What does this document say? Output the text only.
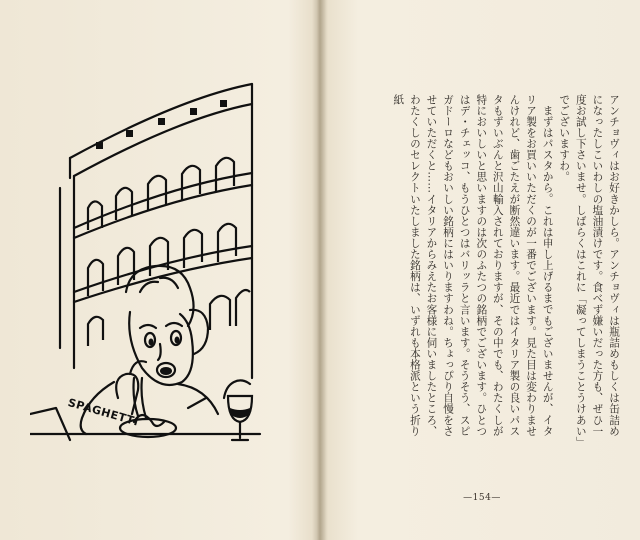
SPAGHETTI	アンチョヴィはお好きかしら。アンチョヴィは瓶詰めもしくは缶詰めになったしこいわしの塩油漬けです。食べず嫌いだった方も、ぜひ一度お試し下さいませ。しばらくはこれに「凝ってしまうことうけあい」でございますわ。

まずはパスタから。これは申し上げるまでもございませんが、イタリア製をお買いいただくのが一番でございます。見た目は変わりませんけれど、歯ごたえが断然違います。最近ではイタリア製の良いパスタもずいぶんと沢山輸入されておりますが、その中でも、わたくしが特においしいと思いますのは次のふたつの銘柄でございます。ひとつはデ・チェッコ、もうひとつはバリッラと言います。そうそう、スピガドーロなどもおいしい銘柄にはいりますわね。ちょっぴり自慢をさせていただくと……イタリアからみえたお客様に伺いましたところ、わたくしのセレクトいたしました銘柄は、いずれも本格派という折り紙

—154—
